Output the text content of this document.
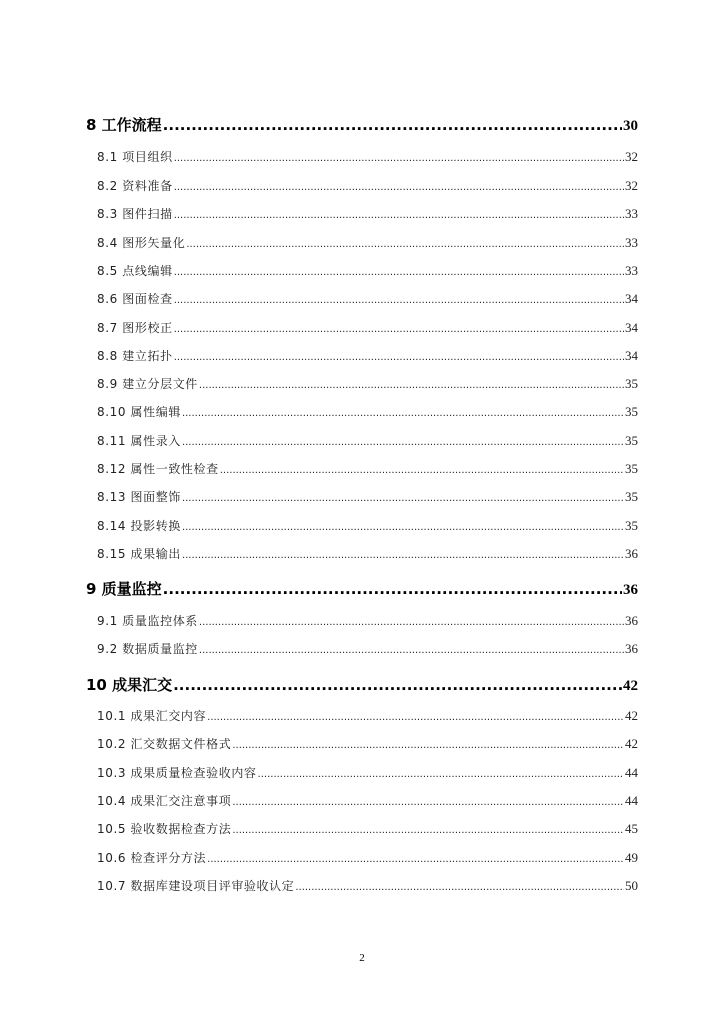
8 工作流程 .....	30
8.1 项目组织 .....	32
8.2 资料准备 .....	32
8.3 图件扫描 .....	33
8.4 图形矢量化 .....	33
8.5 点线编辑 .....	33
8.6 图面检查 .....	34
8.7 图形校正 .....	34
8.8 建立拓扑 .....	34
8.9 建立分层文件 .....	35
8.10 属性编辑 .....	35
8.11 属性录入 .....	35
8.12 属性一致性检查 .....	35
8.13 图面整饰 .....	35
8.14 投影转换 .....	35
8.15 成果输出 .....	36
9 质量监控 .....	36
9.1 质量监控体系 .....	36
9.2 数据质量监控 .....	36
10 成果汇交 .....	42
10.1 成果汇交内容 .....	42
10.2 汇交数据文件格式 .....	42
10.3 成果质量检查验收内容 .....	44
10.4 成果汇交注意事项 .....	44
10.5 验收数据检查方法 .....	45
10.6 检查评分方法 .....	49
10.7 数据库建设项目评审验收认定 .....	50
2
